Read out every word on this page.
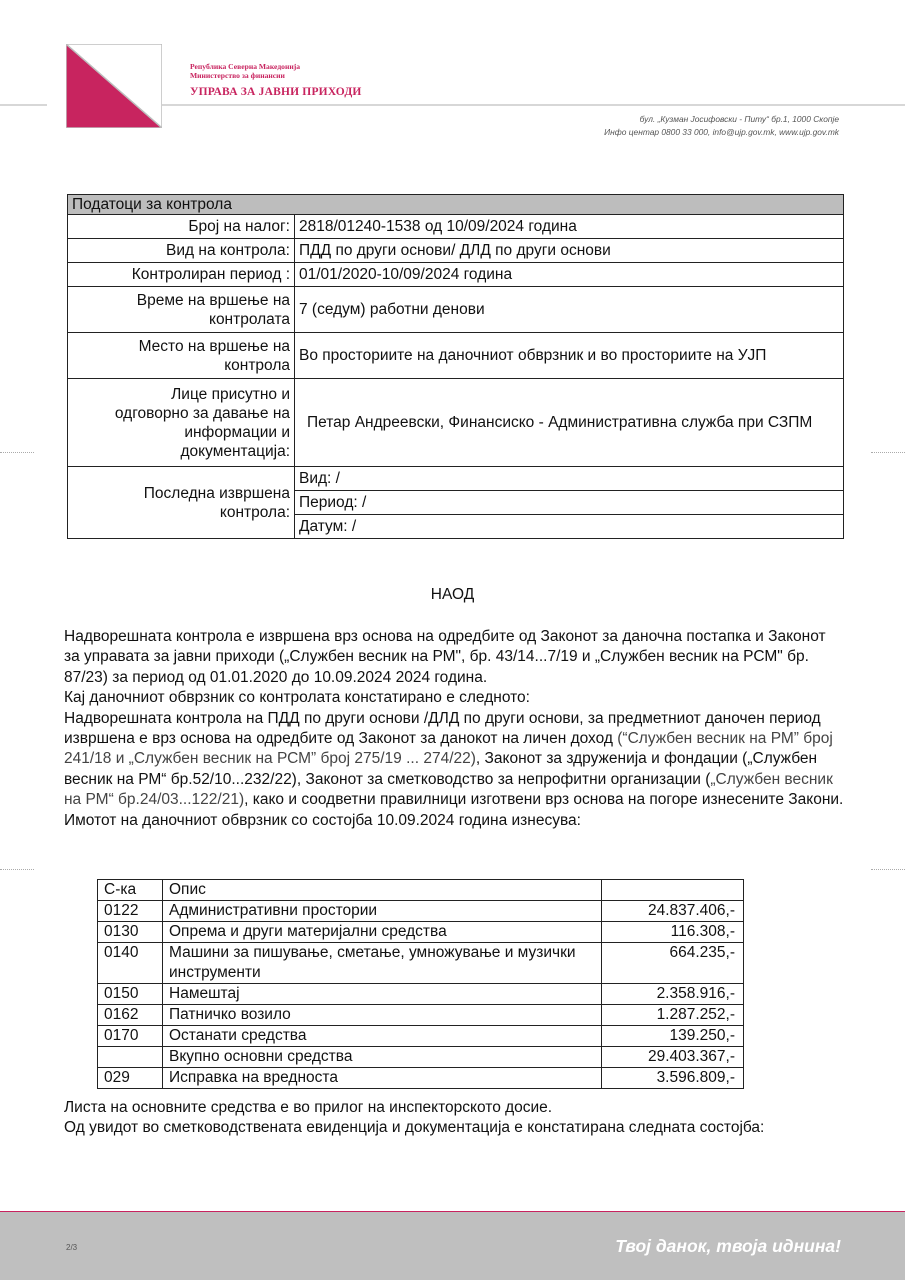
Република Северна Македонија
Министерство за финансии
УПРАВА ЗА ЈАВНИ ПРИХОДИ
бул. „Кузман Јосифовски - Питу“ бр.1, 1000 Скопје
Инфо центар 0800 33 000, info@ujp.gov.mk, www.ujp.gov.mk
Податоци за контрола	
Број на налог:	2818/01240-1538 од 10/09/2024 година
Вид на контрола:	ПДД по други основи/ ДЛД по други основи
Контролиран период :	01/01/2020-10/09/2024 година

Време на вршење на
контролата	7 (седум) работни денови

Место на вршење на
контрола	Во просториите на даночниот обврзник и во просториите на УЈП

Лице присутно и
одговорно за давање на
информации и
документација:	Петар Андреевски, Финансиско - Административна служба при СЗПМ

Последна извршена
контрола:	Вид: /
	Период: /
	Датум: /
НАОД

Надворешната контрола е извршена врз основа на одредбите од Законот за даночна постапка и Законот за управата за јавни приходи („Службен весник на РМ", бр. 43/14...7/19 и „Службен весник на РСМ" бр. 87/23) за период од 01.01.2020 до 10.09.2024 2024 година.

Кај даночниот обврзник со контролата констатирано е следното:

Надворешната контрола на ПДД по други основи /ДЛД по други основи, за предметниот даночен период извршена е врз основа на одредбите од Законот за данокот на личен доход (“Службен весник на РМ” број 241/18 и „Службен весник на РСМ” број 275/19 ... 274/22), Законот за здруженија и фондации („Службен весник на РМ“ бр.52/10...232/22), Законот за сметководство за непрофитни организации („Службен весник на РМ“ бр.24/03...122/21), како и соодветни правилници изготвени врз основа на погоре изнесените Закони.

Имотот на даночниот обврзник со состојба 10.09.2024 година изнесува:

С-ка	Опис	
0122	Административни простории	24.837.406,-
0130	Опрема и други материјални средства	116.308,-
0140	Машини за пишување, сметање, умножување и музички инструменти	664.235,-
0150	Намештај	2.358.916,-
0162	Патничко возило	1.287.252,-
0170	Останати средства	139.250,-
	Вкупно основни средства	29.403.367,-
029	Исправка на вредноста	3.596.809,-

Листа на основните средства е во прилог на инспекторското досие.

Од увидот во сметководствената евиденција и документација е констатирана следната состојба:

2/3	Твој данок, твоја иднина!
